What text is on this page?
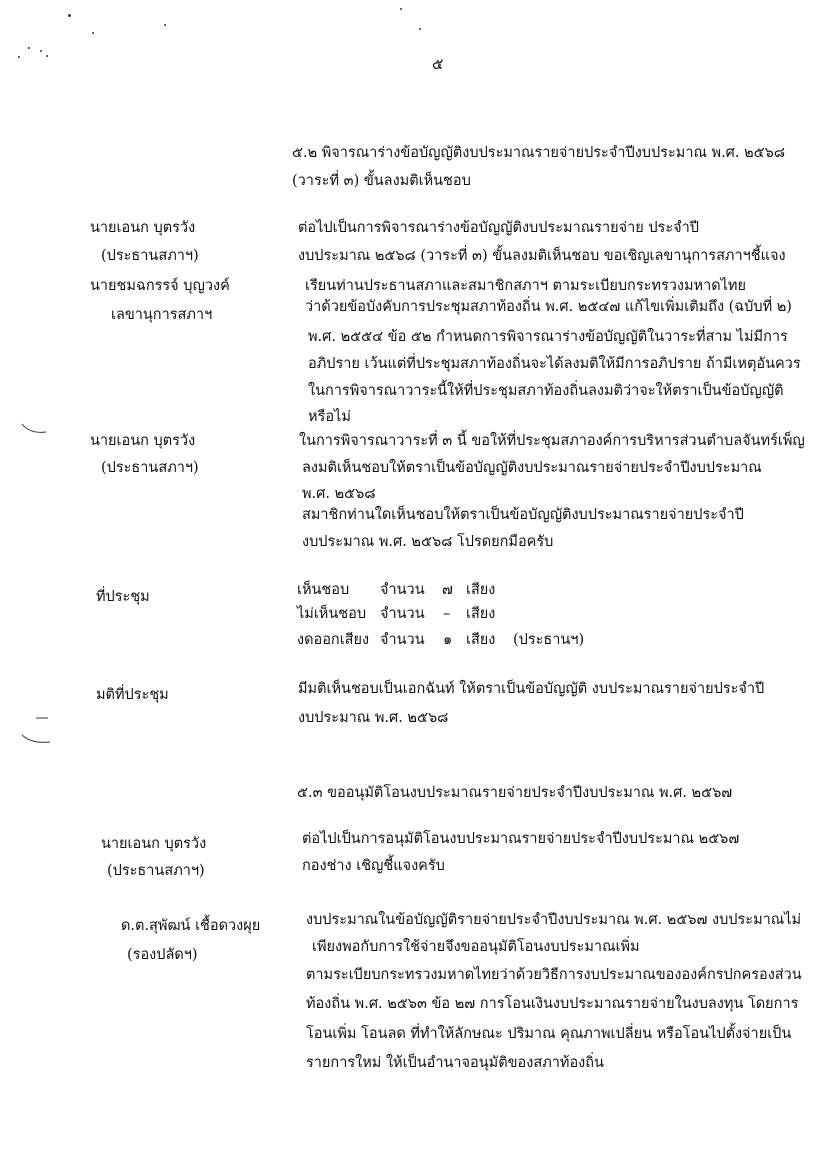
๕
๕.๒ พิจารณาร่างข้อบัญญัติงบประมาณรายจ่ายประจำปีงบประมาณ พ.ศ. ๒๕๖๘
(วาระที่ ๓) ขั้นลงมติเห็นชอบ
นายเอนก บุตรวัง
(ประธานสภาฯ)
ต่อไปเป็นการพิจารณาร่างข้อบัญญัติงบประมาณรายจ่าย ประจำปี
งบประมาณ ๒๕๖๘ (วาระที่ ๓) ขั้นลงมติเห็นชอบ ขอเชิญเลขานุการสภาฯชี้แจง
นายชมฉกรรจ์ บุญวงค์
เลขานุการสภาฯ
เรียนท่านประธานสภาและสมาชิกสภาฯ ตามระเบียบกระทรวงมหาดไทย
ว่าด้วยข้อบังคับการประชุมสภาท้องถิ่น พ.ศ. ๒๕๔๗ แก้ไขเพิ่มเติมถึง (ฉบับที่ ๒)
พ.ศ. ๒๕๕๔ ข้อ ๕๒ กำหนดการพิจารณาร่างข้อบัญญัติในวาระที่สาม ไม่มีการ
อภิปราย เว้นแต่ที่ประชุมสภาท้องถิ่นจะได้ลงมติให้มีการอภิปราย ถ้ามีเหตุอันควร
ในการพิจารณาวาระนี้ให้ที่ประชุมสภาท้องถิ่นลงมติว่าจะให้ตราเป็นข้อบัญญัติ
หรือไม่
นายเอนก บุตรวัง
(ประธานสภาฯ)
ในการพิจารณาวาระที่ ๓ นี้ ขอให้ที่ประชุมสภาองค์การบริหารส่วนตำบลจันทร์เพ็ญ
ลงมติเห็นชอบให้ตราเป็นข้อบัญญัติงบประมาณรายจ่ายประจำปีงบประมาณ
พ.ศ. ๒๕๖๘
สมาชิกท่านใดเห็นชอบให้ตราเป็นข้อบัญญัติงบประมาณรายจ่ายประจำปี
งบประมาณ พ.ศ. ๒๕๖๘ โปรดยกมือครับ
ที่ประชุม	เห็นชอบ จำนวน ๗ เสียง
ไม่เห็นชอบ จำนวน – เสียง
งดออกเสียง จำนวน ๑ เสียง (ประธานฯ)
มติที่ประชุม	มีมติเห็นชอบเป็นเอกฉันท์ ให้ตราเป็นข้อบัญญัติ งบประมาณรายจ่ายประจำปี
งบประมาณ พ.ศ. ๒๕๖๘
๕.๓ ขออนุมัติโอนงบประมาณรายจ่ายประจำปีงบประมาณ พ.ศ. ๒๕๖๗
นายเอนก บุตรวัง
(ประธานสภาฯ)
ต่อไปเป็นการอนุมัติโอนงบประมาณรายจ่ายประจำปีงบประมาณ ๒๕๖๗
กองช่าง เชิญชี้แจงครับ
ด.ต.สุพัฒน์ เชื้อดวงผุย
(รองปลัดฯ)
งบประมาณในข้อบัญญัติรายจ่ายประจำปีงบประมาณ พ.ศ. ๒๕๖๗ งบประมาณไม่
เพียงพอกับการใช้จ่ายจึงขออนุมัติโอนงบประมาณเพิ่ม
ตามระเบียบกระทรวงมหาดไทยว่าด้วยวิธีการงบประมาณขององค์กรปกครองส่วน
ท้องถิ่น พ.ศ. ๒๕๖๓ ข้อ ๒๗ การโอนเงินงบประมาณรายจ่ายในงบลงทุน โดยการ
โอนเพิ่ม โอนลด ที่ทำให้ลักษณะ ปริมาณ คุณภาพเปลี่ยน หรือโอนไปตั้งจ่ายเป็น
รายการใหม่ ให้เป็นอำนาจอนุมัติของสภาท้องถิ่น
